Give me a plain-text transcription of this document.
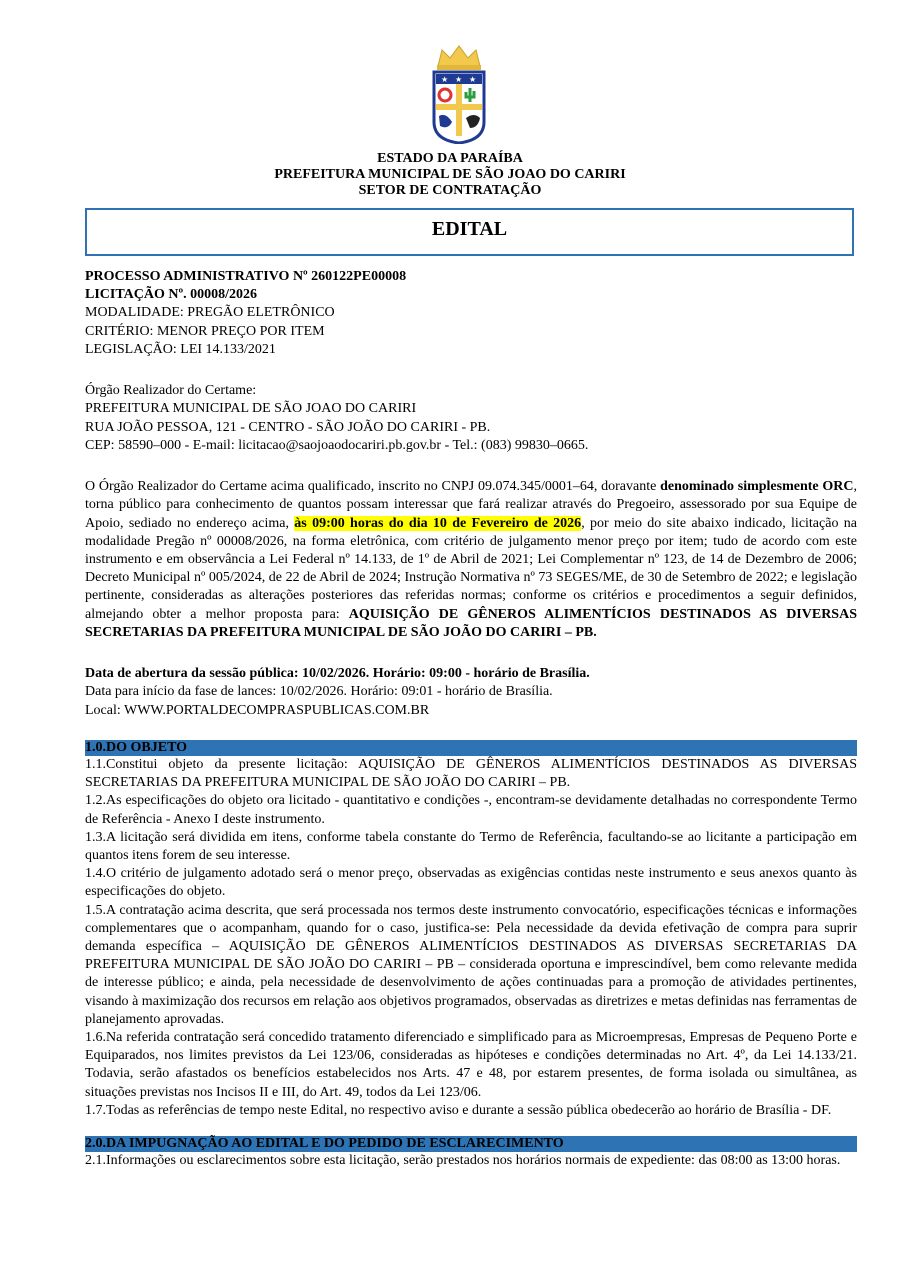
★ ★ ★
ESTADO DA PARAÍBA
PREFEITURA MUNICIPAL DE SÃO JOAO DO CARIRI
SETOR DE CONTRATAÇÃO
EDITAL

PROCESSO ADMINISTRATIVO Nº 260122PE00008

LICITAÇÃO Nº. 00008/2026

MODALIDADE: PREGÃO ELETRÔNICO

CRITÉRIO: MENOR PREÇO POR ITEM

LEGISLAÇÃO: LEI 14.133/2021

Órgão Realizador do Certame:

PREFEITURA MUNICIPAL DE SÃO JOAO DO CARIRI

RUA JOÃO PESSOA, 121 - CENTRO - SÃO JOÃO DO CARIRI - PB.

CEP: 58590–000 - E-mail: licitacao@saojoaodocariri.pb.gov.br - Tel.: (083) 99830–0665.

O Órgão Realizador do Certame acima qualificado, inscrito no CNPJ 09.074.345/0001–64, doravante denominado simplesmente ORC, torna público para conhecimento de quantos possam interessar que fará realizar através do Pregoeiro, assessorado por sua Equipe de Apoio, sediado no endereço acima, às 09:00 horas do dia 10 de Fevereiro de 2026, por meio do site abaixo indicado, licitação na modalidade Pregão nº 00008/2026, na forma eletrônica, com critério de julgamento menor preço por item; tudo de acordo com este instrumento e em observância a Lei Federal nº 14.133, de 1º de Abril de 2021; Lei Complementar nº 123, de 14 de Dezembro de 2006; Decreto Municipal nº 005/2024, de 22 de Abril de 2024; Instrução Normativa nº 73 SEGES/ME, de 30 de Setembro de 2022; e legislação pertinente, consideradas as alterações posteriores das referidas normas; conforme os critérios e procedimentos a seguir definidos, almejando obter a melhor proposta para: AQUISIÇÃO DE GÊNEROS ALIMENTÍCIOS DESTINADOS AS DIVERSAS SECRETARIAS DA PREFEITURA MUNICIPAL DE SÃO JOÃO DO CARIRI – PB.

Data de abertura da sessão pública: 10/02/2026. Horário: 09:00 - horário de Brasília.

Data para início da fase de lances: 10/02/2026. Horário: 09:01 - horário de Brasília.

Local: WWW.PORTALDECOMPRASPUBLICAS.COM.BR

1.0.DO OBJETO

1.1.Constitui objeto da presente licitação: AQUISIÇÃO DE GÊNEROS ALIMENTÍCIOS DESTINADOS AS DIVERSAS SECRETARIAS DA PREFEITURA MUNICIPAL DE SÃO JOÃO DO CARIRI – PB.

1.2.As especificações do objeto ora licitado - quantitativo e condições -, encontram-se devidamente detalhadas no correspondente Termo de Referência - Anexo I deste instrumento.

1.3.A licitação será dividida em itens, conforme tabela constante do Termo de Referência, facultando-se ao licitante a participação em quantos itens forem de seu interesse.

1.4.O critério de julgamento adotado será o menor preço, observadas as exigências contidas neste instrumento e seus anexos quanto às especificações do objeto.

1.5.A contratação acima descrita, que será processada nos termos deste instrumento convocatório, especificações técnicas e informações complementares que o acompanham, quando for o caso, justifica-se: Pela necessidade da devida efetivação de compra para suprir demanda específica – AQUISIÇÃO DE GÊNEROS ALIMENTÍCIOS DESTINADOS AS DIVERSAS SECRETARIAS DA PREFEITURA MUNICIPAL DE SÃO JOÃO DO CARIRI – PB – considerada oportuna e imprescindível, bem como relevante medida de interesse público; e ainda, pela necessidade de desenvolvimento de ações continuadas para a promoção de atividades pertinentes, visando à maximização dos recursos em relação aos objetivos programados, observadas as diretrizes e metas definidas nas ferramentas de planejamento aprovadas.

1.6.Na referida contratação será concedido tratamento diferenciado e simplificado para as Microempresas, Empresas de Pequeno Porte e Equiparados, nos limites previstos da Lei 123/06, consideradas as hipóteses e condições determinadas no Art. 4º, da Lei 14.133/21. Todavia, serão afastados os benefícios estabelecidos nos Arts. 47 e 48, por estarem presentes, de forma isolada ou simultânea, as situações previstas nos Incisos II e III, do Art. 49, todos da Lei 123/06.

1.7.Todas as referências de tempo neste Edital, no respectivo aviso e durante a sessão pública obedecerão ao horário de Brasília - DF.

2.0.DA IMPUGNAÇÃO AO EDITAL E DO PEDIDO DE ESCLARECIMENTO

2.1.Informações ou esclarecimentos sobre esta licitação, serão prestados nos horários normais de expediente: das 08:00 as 13:00 horas.
